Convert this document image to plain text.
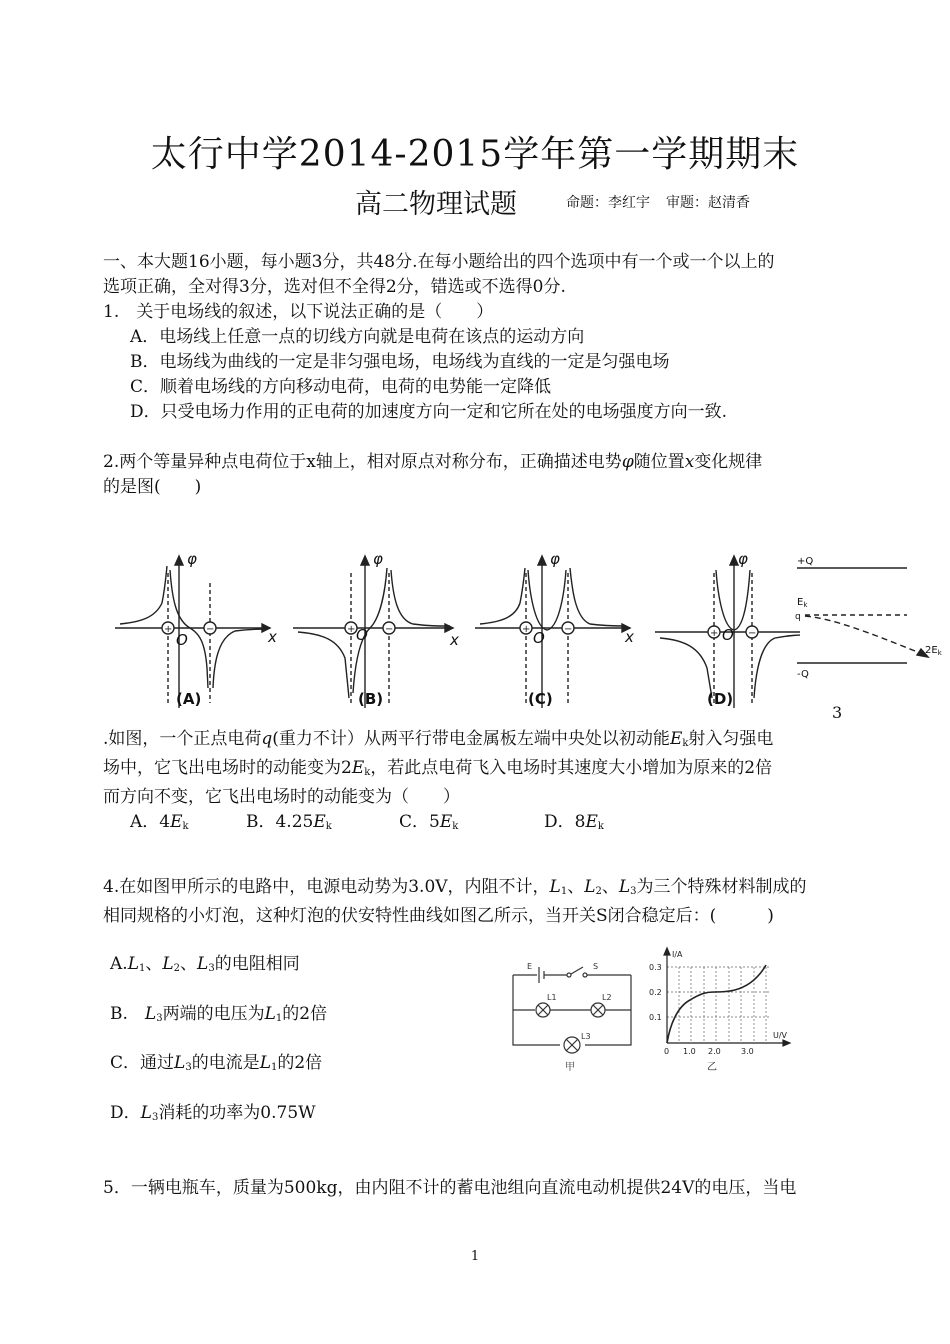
太行中学2014-2015学年第一学期期末
高二物理试题	命题：李红宇 审题：赵清香
一、本大题16小题，每小题3分，共48分.在每小题给出的四个选项中有一个或一个以上的
选项正确，全对得3分，选对但不全得2分，错选或不选得0分.
1.　关于电场线的叙述，以下说法正确的是（　　）
A．电场线上任意一点的切线方向就是电荷在该点的运动方向
B．电场线为曲线的一定是非匀强电场，电场线为直线的一定是匀强电场
C．顺着电场线的方向移动电荷，电荷的电势能一定降低
D．只受电场力作用的正电荷的加速度方向一定和它所在处的电场强度方向一致.
2.两个等量异种点电荷位于x轴上，相对原点对称分布，正确描述电势φ随位置x变化规律
的是图(　　)
+	−	+	−	+	−	+	−
φ
x
O
(A)
φ
x
O
(B)
φ
x
O
(C)
φ
O
(D)
+Q
-Q
$E_k$
q
$2E_k$
3
.如图，一个正点电荷q(重力不计）从两平行带电金属板左端中央处以初动能$E_k$射入匀强电
场中，它飞出电场时的动能变为$2E_k$，若此点电荷飞入电场时其速度大小增加为原来的2倍
而方向不变，它飞出电场时的动能变为（　　）
A．$4E_k$	B．$4.25E_k$	C．$5E_k$	D．$8E_k$
4.在如图甲所示的电路中，电源电动势为3.0V，内阻不计，$L_1$、$L_2$、$L_3$为三个特殊材料制成的
相同规格的小灯泡，这种灯泡的伏安特性曲线如图乙所示，当开关S闭合稳定后：(　　　)
$A.L_1$、$L_2$、$L_3$的电阻相同
B.　$L_3$两端的电压为$L_1$的2倍
C．通过$L_3$的电流是$L_1$的2倍
D．$L_3$消耗的功率为0.75W
E	S
L1	L2
L3
甲
I/A
U/V
0.3
0.2
0.1
0 1.0 2.0	3.0
乙
5．一辆电瓶车，质量为500kg，由内阻不计的蓄电池组向直流电动机提供24V的电压，当电
1
